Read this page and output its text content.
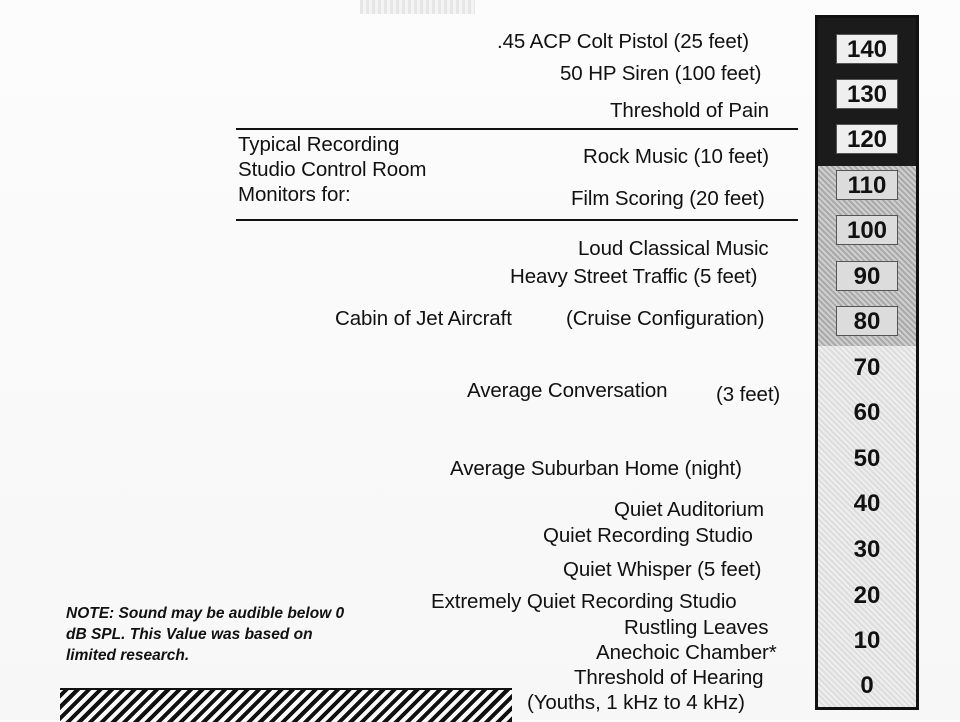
.45 ACP Colt Pistol (25 feet)
50 HP Siren (100 feet)
Threshold of Pain
Typical Recording
Studio Control Room
Monitors for:
Rock Music (10 feet)
Film Scoring (20 feet)
Loud Classical Music
Heavy Street Traffic (5 feet)
Cabin of Jet Aircraft	(Cruise Configuration)
Average Conversation (3 feet)
Average Suburban Home (night)
Quiet Auditorium
Quiet Recording Studio
Quiet Whisper (5 feet)
Extremely Quiet Recording Studio
Rustling Leaves
Anechoic Chamber*
Threshold of Hearing
(Youths, 1 kHz to 4 kHz)
NOTE: Sound may be audible below 0 dB SPL. This Value was based on limited research.
140
130
120
110
100
90
80
70
60
50
40
30
20
10
0
